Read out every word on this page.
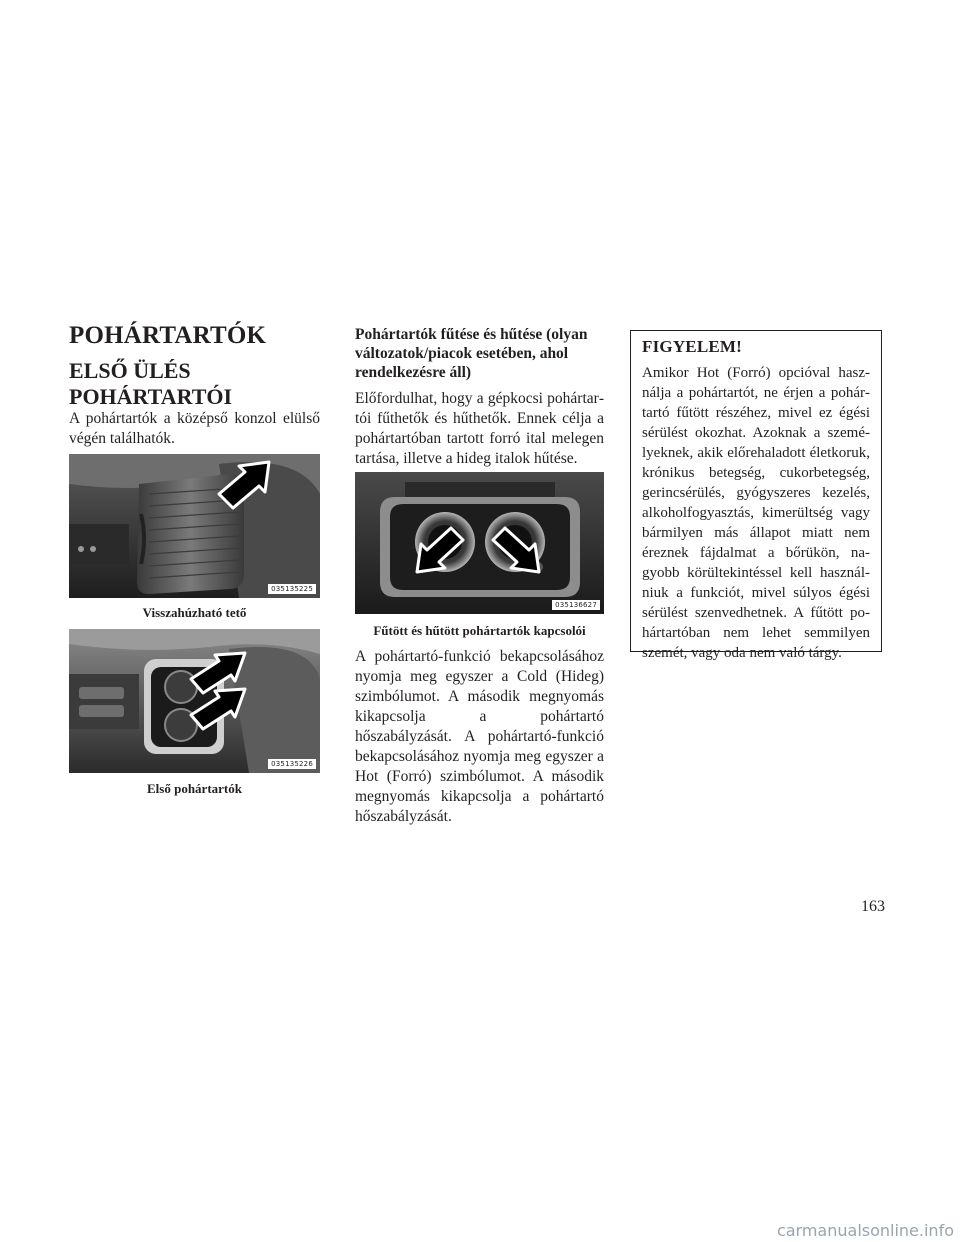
POHÁRTARTÓK
ELSŐ ÜLÉS POHÁRTARTÓI

A pohártartók a középső konzol elülső végén találhatók.

035135225
Visszahúzható tető
035135226
Első pohártartók
Pohártartók fűtése és hűtése (olyan változatok/piacok esetében, ahol rendelkezésre áll)

Előfordulhat, hogy a gépkocsi pohártartói fűthetők és hűthetők. Ennek célja a pohártartóban tartott forró ital melegen tartása, illetve a hideg italok hűtése.

035136627
Fűtött és hűtött pohártartók kapcsolói

A pohártartó-funkció bekapcsolásához nyomja meg egyszer a Cold (Hideg) szimbólumot. A második megnyomás kikapcsolja a pohártartó hőszabályzását. A pohártartó-funkció bekapcsolásához nyomja meg egyszer a Hot (Forró) szimbólumot. A második megnyomás kikapcsolja a pohártartó hőszabályzását.

FIGYELEM!

Amikor Hot (Forró) opcióval használja a pohártartót, ne érjen a pohártartó fűtött részéhez, mivel ez égési sérülést okozhat. Azoknak a személyeknek, akik előrehaladott életkoruk, krónikus betegség, cukorbetegség, gerincsérülés, gyógyszeres kezelés, alkoholfogyasztás, kimerültség vagy bármilyen más állapot miatt nem éreznek fájdalmat a bőrükön, nagyobb körültekintéssel kell használniuk a funkciót, mivel súlyos égési sérülést szenvedhetnek. A fűtött pohártartóban nem lehet semmilyen szemét, vagy oda nem való tárgy.

163
carmanualsonline.info
